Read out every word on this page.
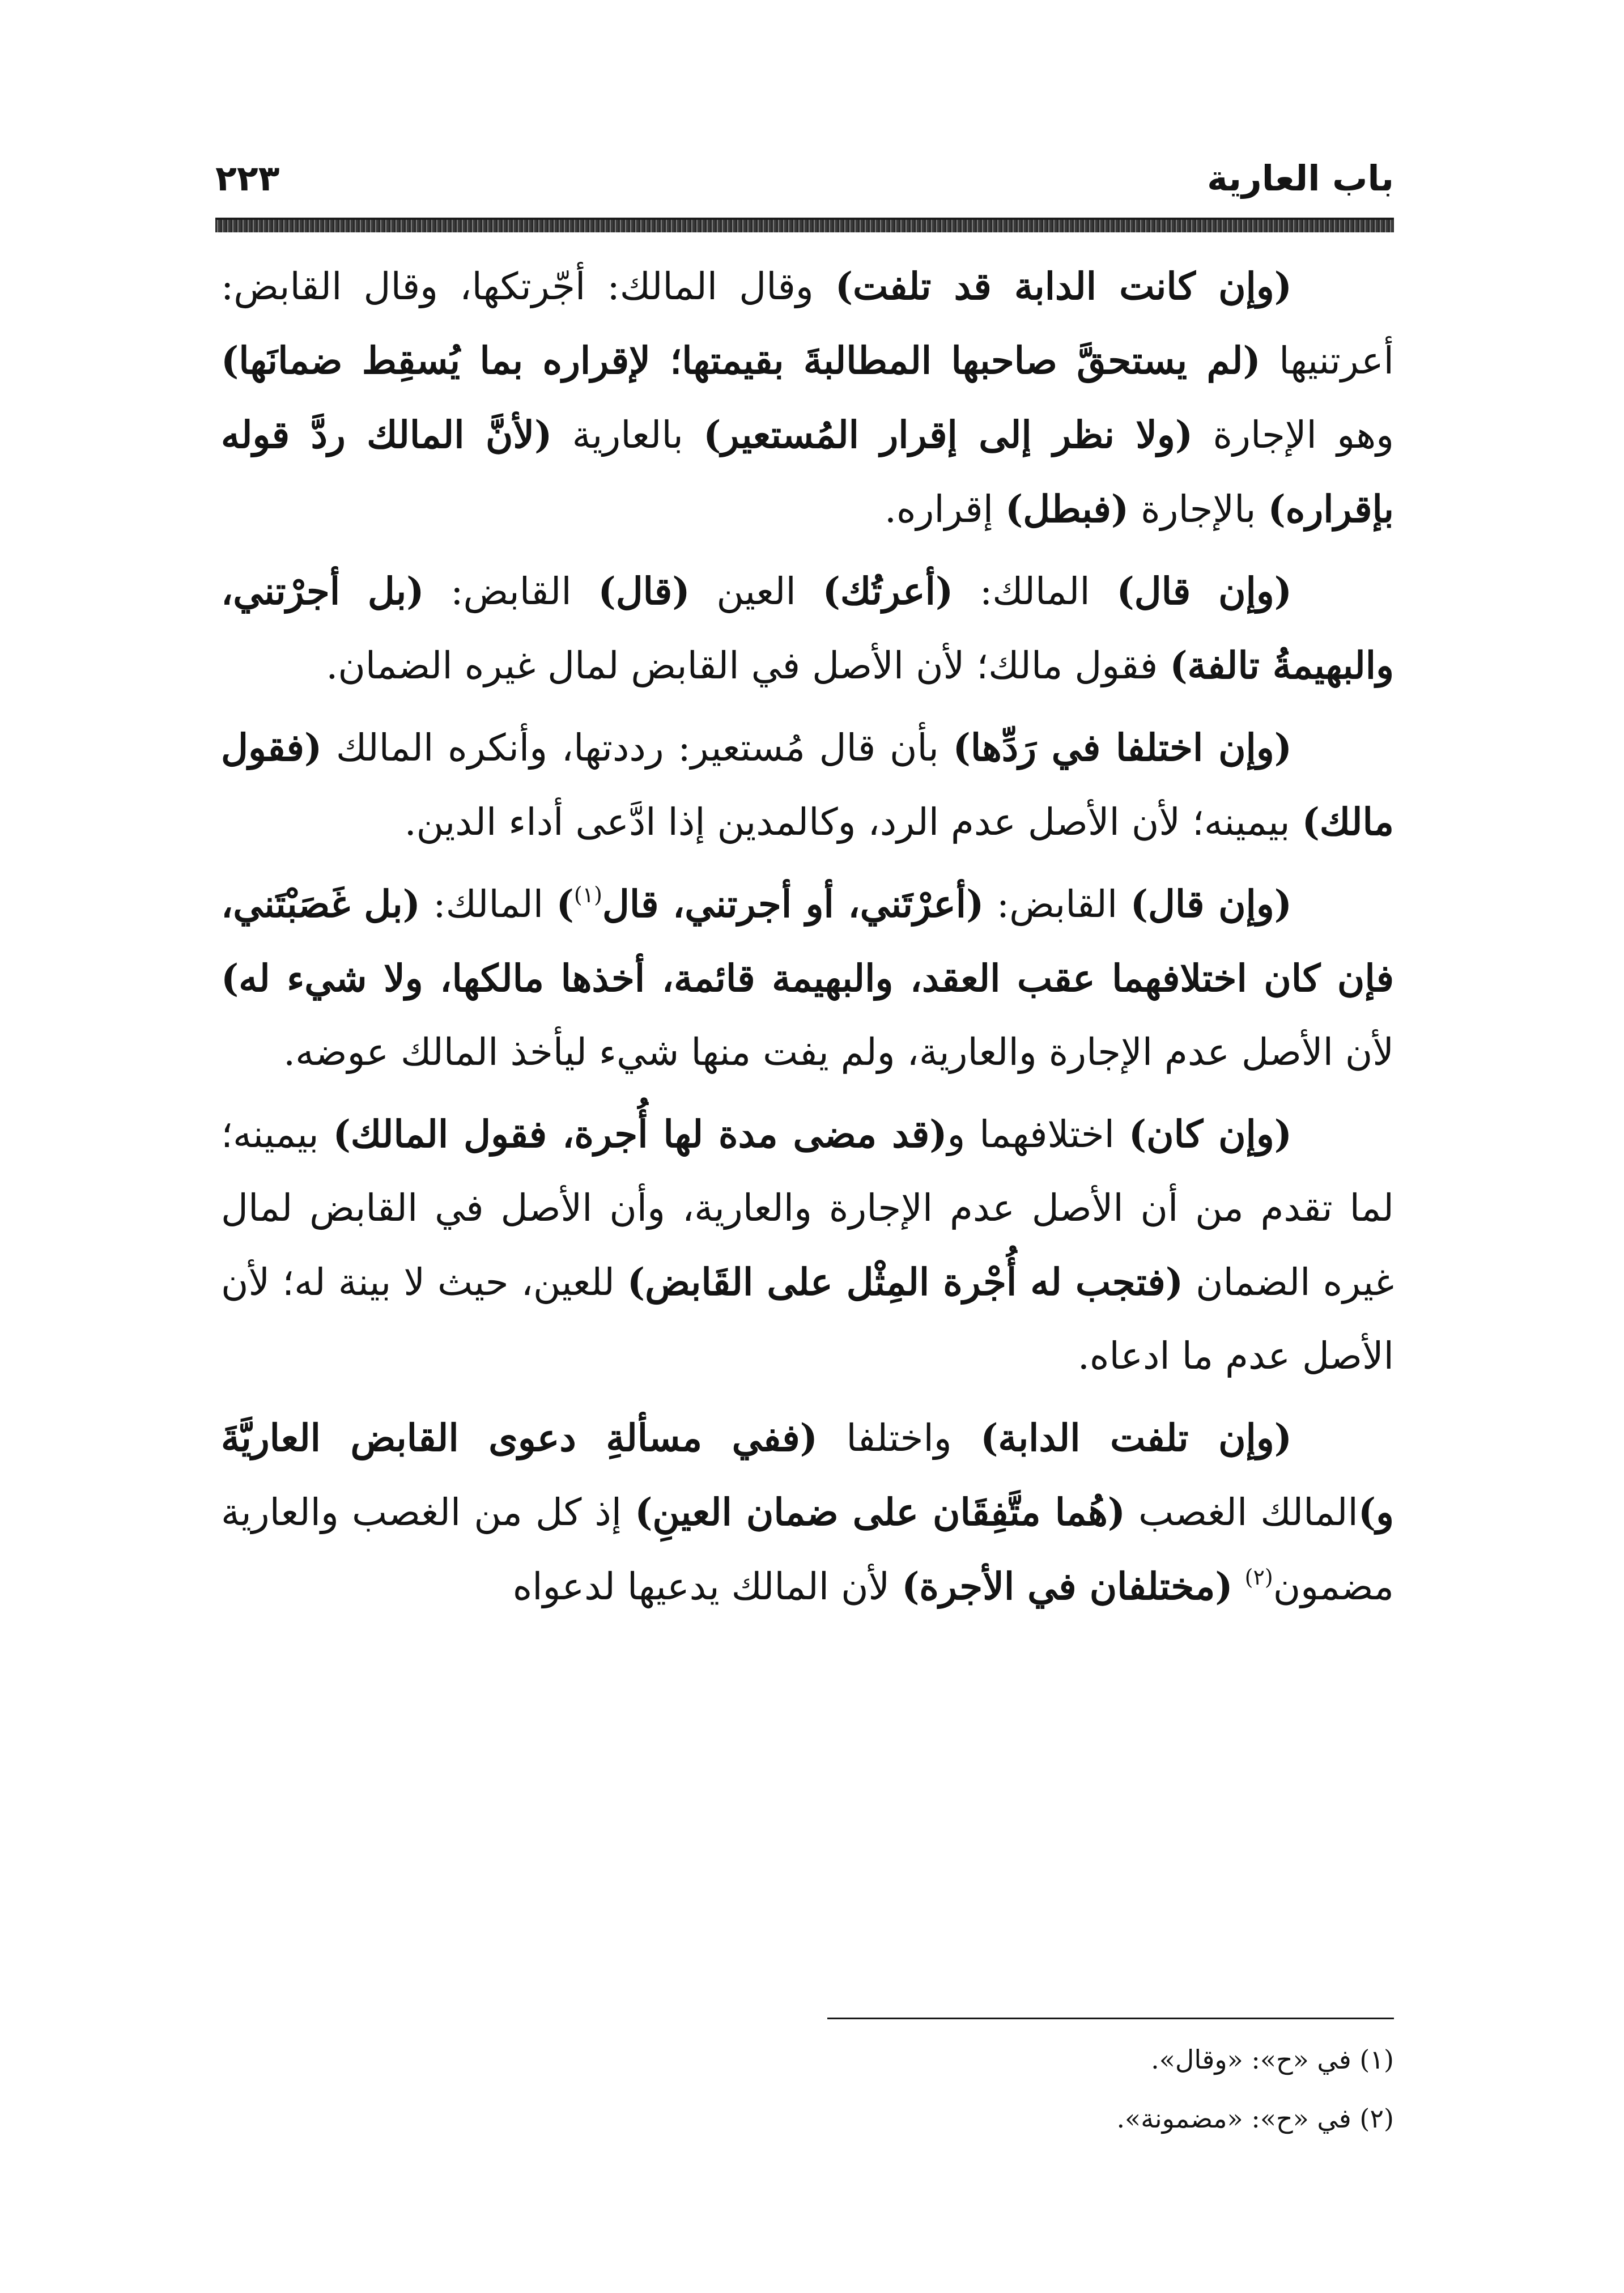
باب العارية
٢٢٣

(وإن كانت الدابة قد تلفت) وقال المالك: أجّرتكها، وقال القابض: أعرتنيها (لم يستحقَّ صاحبها المطالبةَ بقيمتها؛ لإقراره بما يُسقِط ضمانَها) وهو الإجارة (ولا نظر إلى إقرار المُستعير) بالعارية (لأنَّ المالك ردَّ قوله بإقراره) بالإجارة (فبطل) إقراره.

(وإن قال) المالك: (أعرتُك) العين (قال) القابض: (بل أجرْتني، والبهيمةُ تالفة) فقول مالك؛ لأن الأصل في القابض لمال غيره الضمان.

(وإن اختلفا في رَدِّها) بأن قال مُستعير: رددتها، وأنكره المالك (فقول مالك) بيمينه؛ لأن الأصل عدم الرد، وكالمدين إذا ادَّعى أداء الدين.

(وإن قال) القابض: (أعرْتَني، أو أجرتني، قال$^{(١)}$) المالك: (بل غَصَبْتَني، فإن كان اختلافهما عقب العقد، والبهيمة قائمة، أخذها مالكها، ولا شيء له) لأن الأصل عدم الإجارة والعارية، ولم يفت منها شيء ليأخذ المالك عوضه.

(وإن كان) اختلافهما و(قد مضى مدة لها أُجرة، فقول المالك) بيمينه؛ لما تقدم من أن الأصل عدم الإجارة والعارية، وأن الأصل في القابض لمال غيره الضمان (فتجب له أُجْرة المِثْل على القَابض) للعين، حيث لا بينة له؛ لأن الأصل عدم ما ادعاه.

(وإن تلفت الدابة) واختلفا (ففي مسألةِ دعوى القابض العاريَّةَ و)المالك الغصب (هُما متَّفِقَان على ضمان العينِ) إذ كل من الغصب والعارية مضمون$^{(٢)}$ (مختلفان في الأجرة) لأن المالك يدعيها لدعواه

(١) في «ح»: «وقال».

(٢) في «ح»: «مضمونة».
